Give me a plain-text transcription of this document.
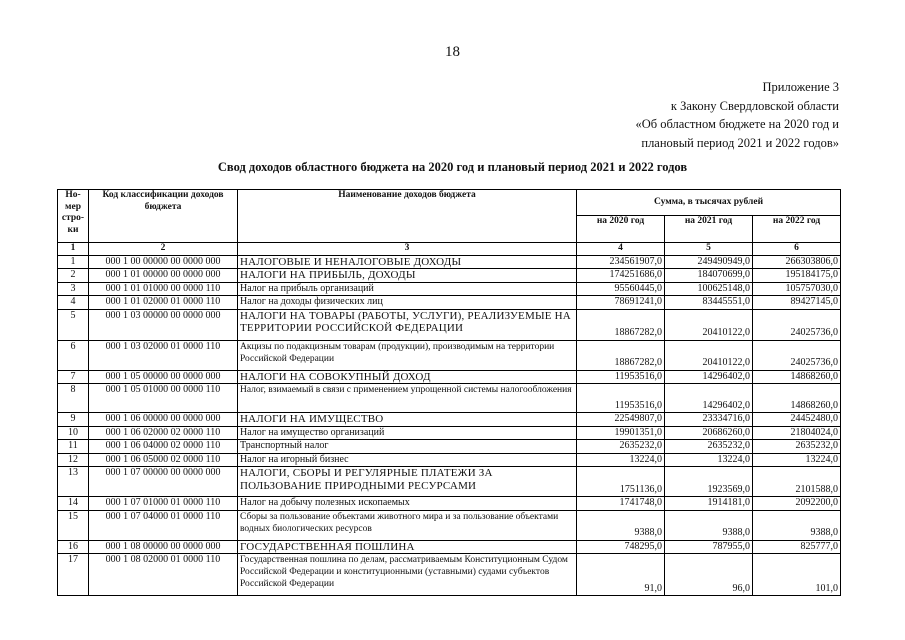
18
Приложение 3
к Закону Свердловской области
«Об областном бюджете на 2020 год и
плановый период 2021 и 2022 годов»
Свод доходов областного бюджета на 2020 год и плановый период 2021 и 2022 годов
Но-мер стро-ки	Код классификации доходов бюджета	Наименование доходов бюджета	Сумма, в тысячах рублей		
			на 2020 год	на 2021 год	на 2022 год
1	2	3	4	5	6
1	000 1 00 00000 00 0000 000	НАЛОГОВЫЕ И НЕНАЛОГОВЫЕ ДОХОДЫ	234561907,0	249490949,0	266303806,0
2	000 1 01 00000 00 0000 000	НАЛОГИ НА ПРИБЫЛЬ, ДОХОДЫ	174251686,0	184070699,0	195184175,0
3	000 1 01 01000 00 0000 110	Налог на прибыль организаций	95560445,0	100625148,0	105757030,0
4	000 1 01 02000 01 0000 110	Налог на доходы физических лиц	78691241,0	83445551,0	89427145,0
5	000 1 03 00000 00 0000 000	НАЛОГИ НА ТОВАРЫ (РАБОТЫ, УСЛУГИ), РЕАЛИЗУЕМЫЕ НА ТЕРРИТОРИИ РОССИЙСКОЙ ФЕДЕРАЦИИ	18867282,0	20410122,0	24025736,0
6	000 1 03 02000 01 0000 110	Акцизы по подакцизным товарам (продукции), производимым на территории Российской Федерации	18867282,0	20410122,0	24025736,0
7	000 1 05 00000 00 0000 000	НАЛОГИ НА СОВОКУПНЫЙ ДОХОД	11953516,0	14296402,0	14868260,0
8	000 1 05 01000 00 0000 110	Налог, взимаемый в связи с применением упрощенной системы налогообложения	11953516,0	14296402,0	14868260,0
9	000 1 06 00000 00 0000 000	НАЛОГИ НА ИМУЩЕСТВО	22549807,0	23334716,0	24452480,0
10	000 1 06 02000 02 0000 110	Налог на имущество организаций	19901351,0	20686260,0	21804024,0
11	000 1 06 04000 02 0000 110	Транспортный налог	2635232,0	2635232,0	2635232,0
12	000 1 06 05000 02 0000 110	Налог на игорный бизнес	13224,0	13224,0	13224,0
13	000 1 07 00000 00 0000 000	НАЛОГИ, СБОРЫ И РЕГУЛЯРНЫЕ ПЛАТЕЖИ ЗА ПОЛЬЗОВАНИЕ ПРИРОДНЫМИ РЕСУРСАМИ	1751136,0	1923569,0	2101588,0
14	000 1 07 01000 01 0000 110	Налог на добычу полезных ископаемых	1741748,0	1914181,0	2092200,0
15	000 1 07 04000 01 0000 110	Сборы за пользование объектами животного мира и за пользование объектами водных биологических ресурсов	9388,0	9388,0	9388,0
16	000 1 08 00000 00 0000 000	ГОСУДАРСТВЕННАЯ ПОШЛИНА	748295,0	787955,0	825777,0
17	000 1 08 02000 01 0000 110	Государственная пошлина по делам, рассматриваемым Конституционным Судом Российской Федерации и конституционными (уставными) судами субъектов Российской Федерации	91,0	96,0	101,0
